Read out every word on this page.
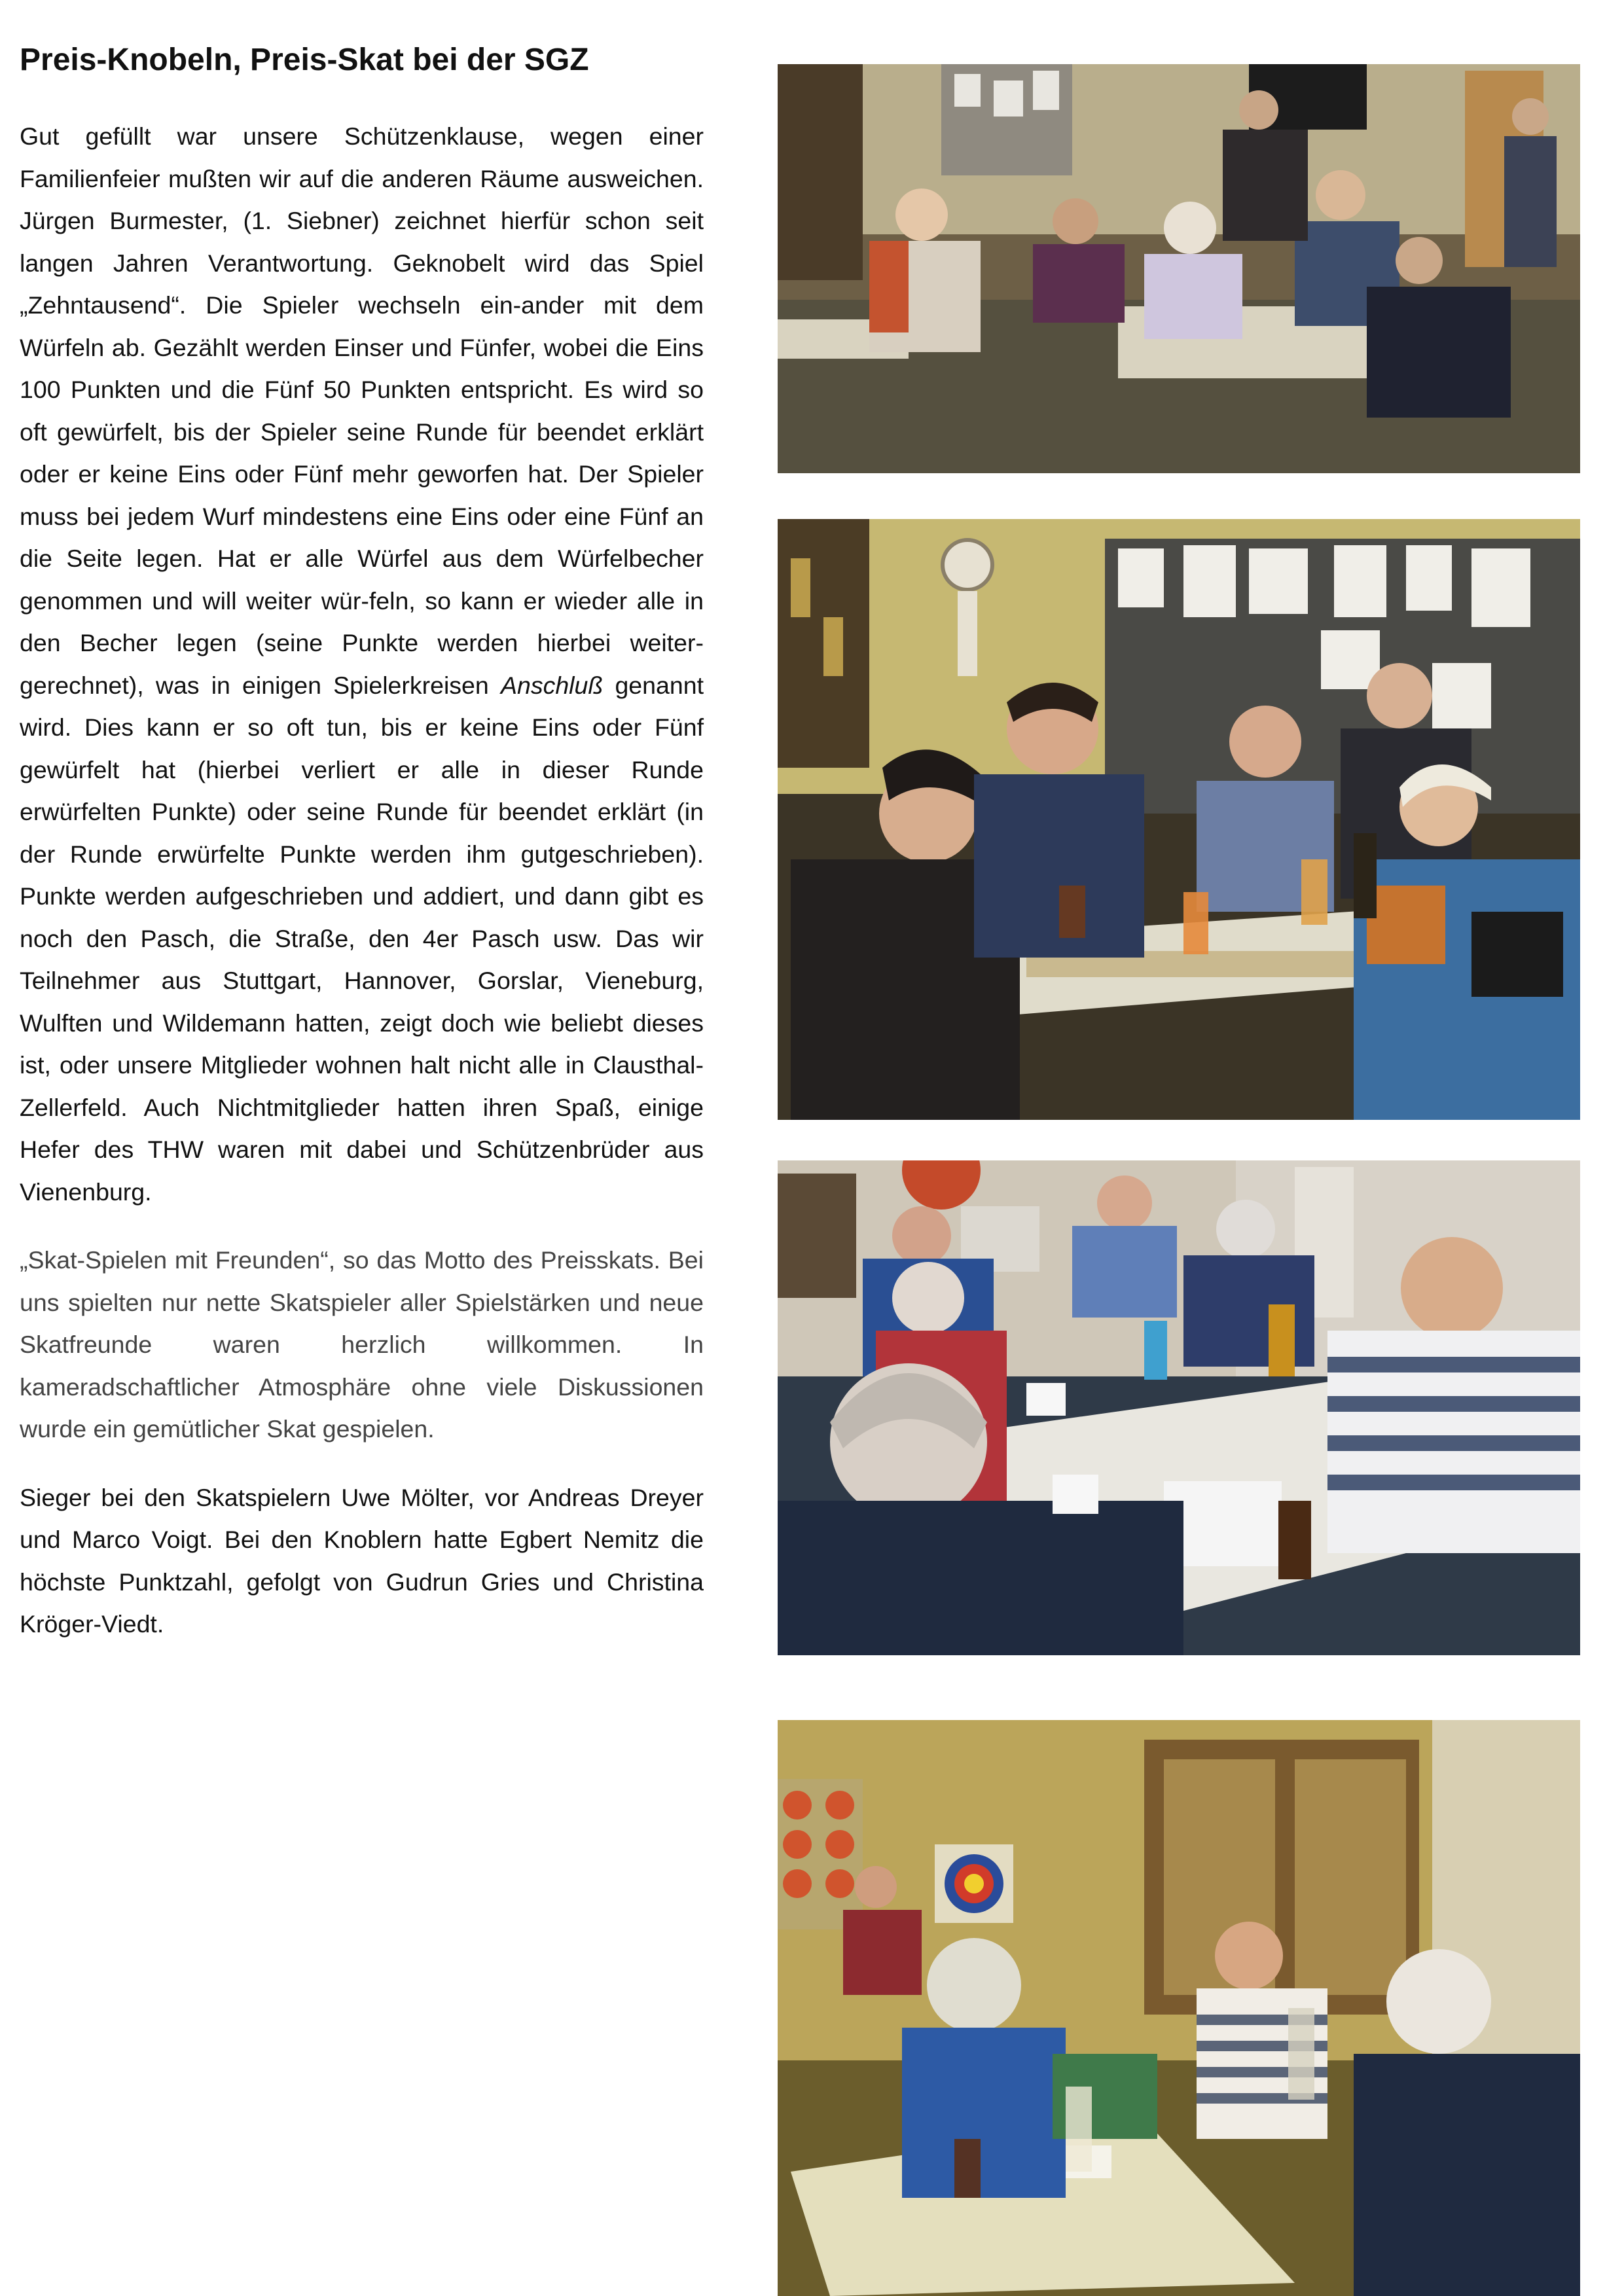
Preis-Knobeln, Preis-Skat bei der SGZ

Gut gefüllt war unsere Schützenklause, wegen einer Familienfeier mußten wir auf die anderen Räume ausweichen. Jürgen Burmester, (1. Siebner) zeichnet hierfür schon seit langen Jahren Verantwortung. Geknobelt wird das Spiel „Zehntausend“. Die Spieler wechseln ein-ander mit dem Würfeln ab. Gezählt werden Einser und Fünfer, wobei die Eins 100 Punkten und die Fünf 50 Punkten entspricht. Es wird so oft gewürfelt, bis der Spieler seine Runde für beendet erklärt oder er keine Eins oder Fünf mehr geworfen hat. Der Spieler muss bei jedem Wurf mindestens eine Eins oder eine Fünf an die Seite legen. Hat er alle Würfel aus dem Würfelbecher genommen und will weiter wür-feln, so kann er wieder alle in den Becher legen (seine Punkte werden hierbei weiter-gerechnet), was in einigen Spielerkreisen Anschluß genannt wird. Dies kann er so oft tun, bis er keine Eins oder Fünf gewürfelt hat (hierbei verliert er alle in dieser Runde erwürfelten Punkte) oder seine Runde für beendet erklärt (in der Runde erwürfelte Punkte werden ihm gutgeschrieben). Punkte werden aufgeschrieben und addiert, und dann gibt es noch den Pasch, die Straße, den 4er Pasch usw. Das wir Teilnehmer aus Stuttgart, Hannover, Gorslar, Vieneburg, Wulften und Wildemann hatten, zeigt doch wie beliebt dieses ist, oder unsere Mitglieder wohnen halt nicht alle in Clausthal-Zellerfeld. Auch Nichtmitglieder hatten ihren Spaß, einige Hefer des THW waren mit dabei und Schützenbrüder aus Vienenburg.

„Skat-Spielen mit Freunden“, so das Motto des Preisskats. Bei uns spielten nur nette Skatspieler aller Spielstärken und neue Skatfreunde waren herzlich willkommen. In kameradschaftlicher Atmosphäre ohne viele Diskussionen wurde ein gemütlicher Skat gespielen.

Sieger bei den Skatspielern Uwe Mölter, vor Andreas Dreyer und Marco Voigt. Bei den Knoblern hatte Egbert Nemitz die höchste Punktzahl, gefolgt von Gudrun Gries und Christina Kröger-Viedt.
